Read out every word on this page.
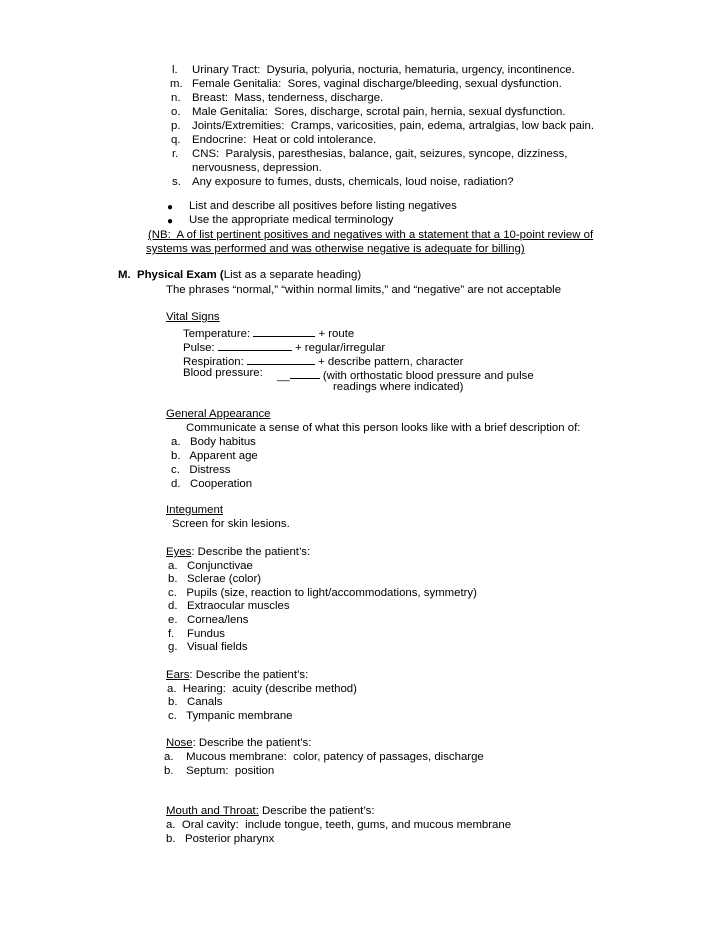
l. Urinary Tract:  Dysuria, polyuria, nocturia, hematuria, urgency, incontinence.
m. Female Genitalia:  Sores, vaginal discharge/bleeding, sexual dysfunction.
n. Breast:  Mass, tenderness, discharge.
o. Male Genitalia:  Sores, discharge, scrotal pain, hernia, sexual dysfunction.
p. Joints/Extremities:  Cramps, varicosities, pain, edema, artralgias, low back pain.
q. Endocrine:  Heat or cold intolerance.
r. CNS:  Paralysis, paresthesias, balance, gait, seizures, syncope, dizziness,
nervousness, depression.
s. Any exposure to fumes, dusts, chemicals, loud noise, radiation?
● List and describe all positives before listing negatives
● Use the appropriate medical terminology
(NB:  A of list pertinent positives and negatives with a statement that a 10-point review of
systems was performed and was otherwise negative is adequate for billing)
M.  Physical Exam (List as a separate heading)
The phrases “normal,” “within normal limits,” and “negative” are not acceptable
Vital Signs
Temperature:	+ route
Pulse:	+ regular/irregular
Respiration:	+ describe pattern, character
Blood pressure: __	(with orthostatic blood pressure and pulse
readings where indicated)
General Appearance
Communicate a sense of what this person looks like with a brief description of:
a.   Body habitus
b.   Apparent age
c.   Distress
d.   Cooperation
Integument
Screen for skin lesions.
Eyes: Describe the patient’s:
a.   Conjunctivae
b.   Sclerae (color)
c.   Pupils (size, reaction to light/accommodations, symmetry)
d.   Extraocular muscles
e.   Cornea/lens
f.    Fundus
g.   Visual fields
Ears: Describe the patient’s:
a.  Hearing:  acuity (describe method)
b.   Canals
c.   Tympanic membrane
Nose: Describe the patient’s:
a.    Mucous membrane:  color, patency of passages, discharge
b.    Septum:  position
Mouth and Throat: Describe the patient’s:
a.  Oral cavity:  include tongue, teeth, gums, and mucous membrane
b.   Posterior pharynx
